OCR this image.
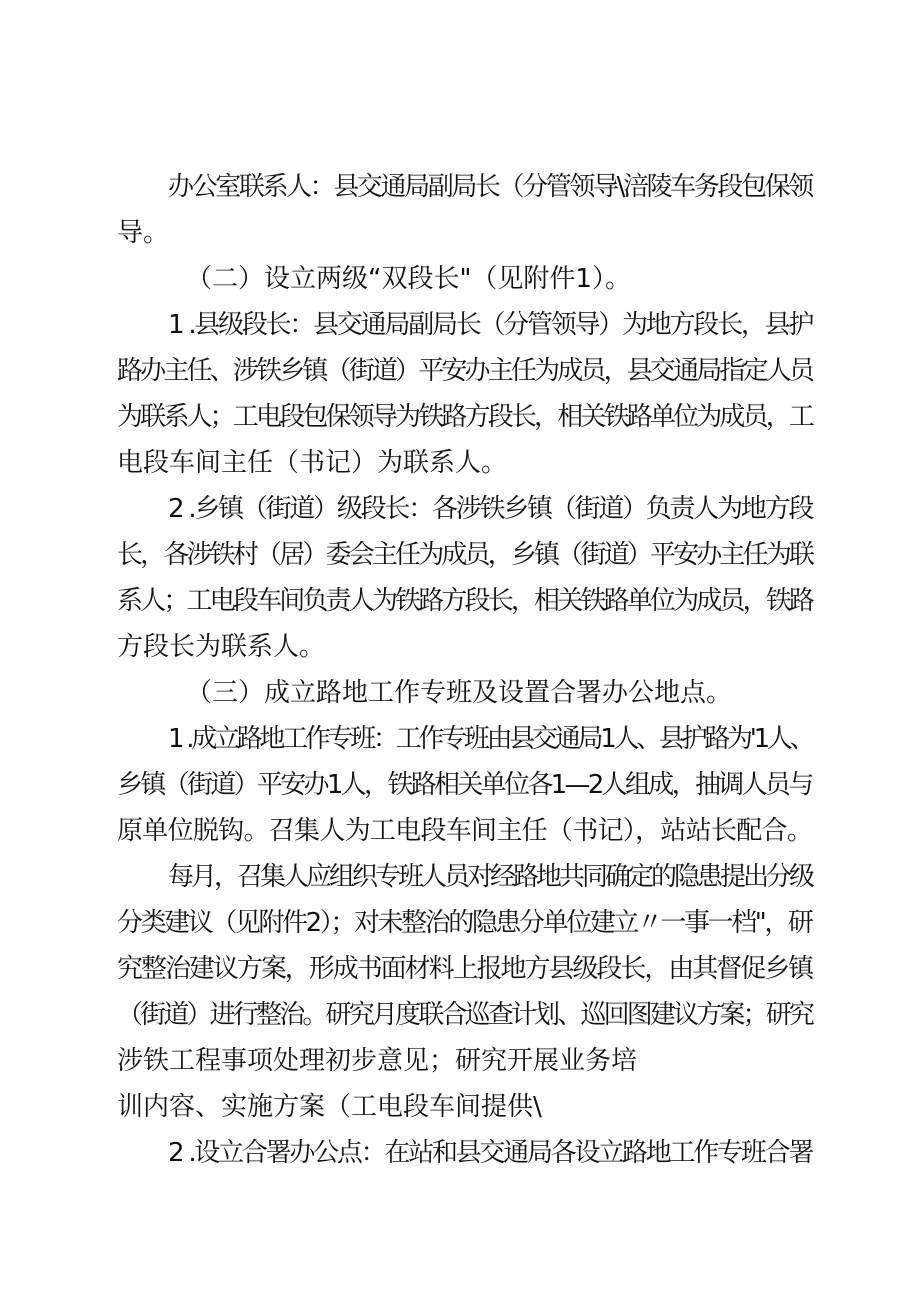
办公室联系人：县交通局副局长（分管领导\涪陵车务段包保领
导。
（二）设立两级“双段长"（见附件1）。
1 .县级段长：县交通局副局长（分管领导）为地方段长，县护
路办主任、涉铁乡镇（街道）平安办主任为成员，县交通局指定人员
为联系人；工电段包保领导为铁路方段长，相关铁路单位为成员，工
电段车间主任（书记）为联系人。
2 .乡镇（街道）级段长：各涉铁乡镇（街道）负责人为地方段
长，各涉铁村（居）委会主任为成员，乡镇（街道）平安办主任为联
系人；工电段车间负责人为铁路方段长，相关铁路单位为成员，铁路
方段长为联系人。
（三）成立路地工作专班及设置合署办公地点。
1 .成立路地工作专班：工作专班由县交通局1人、县护路为'1人、
乡镇（街道）平安办1人，铁路相关单位各1—2人组成，抽调人员与
原单位脱钩。召集人为工电段车间主任（书记），站站长配合。
每月，召集人应组织专班人员对经路地共同确定的隐患提出分级
分类建议（见附件2）；对未整治的隐患分单位建立〃一事一档"，研
究整治建议方案，形成书面材料上报地方县级段长，由其督促乡镇
（街道）进行整治。研究月度联合巡查计划、巡回图建议方案；研究
涉铁工程事项处理初步意见；研究开展业务培
训内容、实施方案（工电段车间提供\
2 .设立合署办公点：在站和县交通局各设立路地工作专班合署
